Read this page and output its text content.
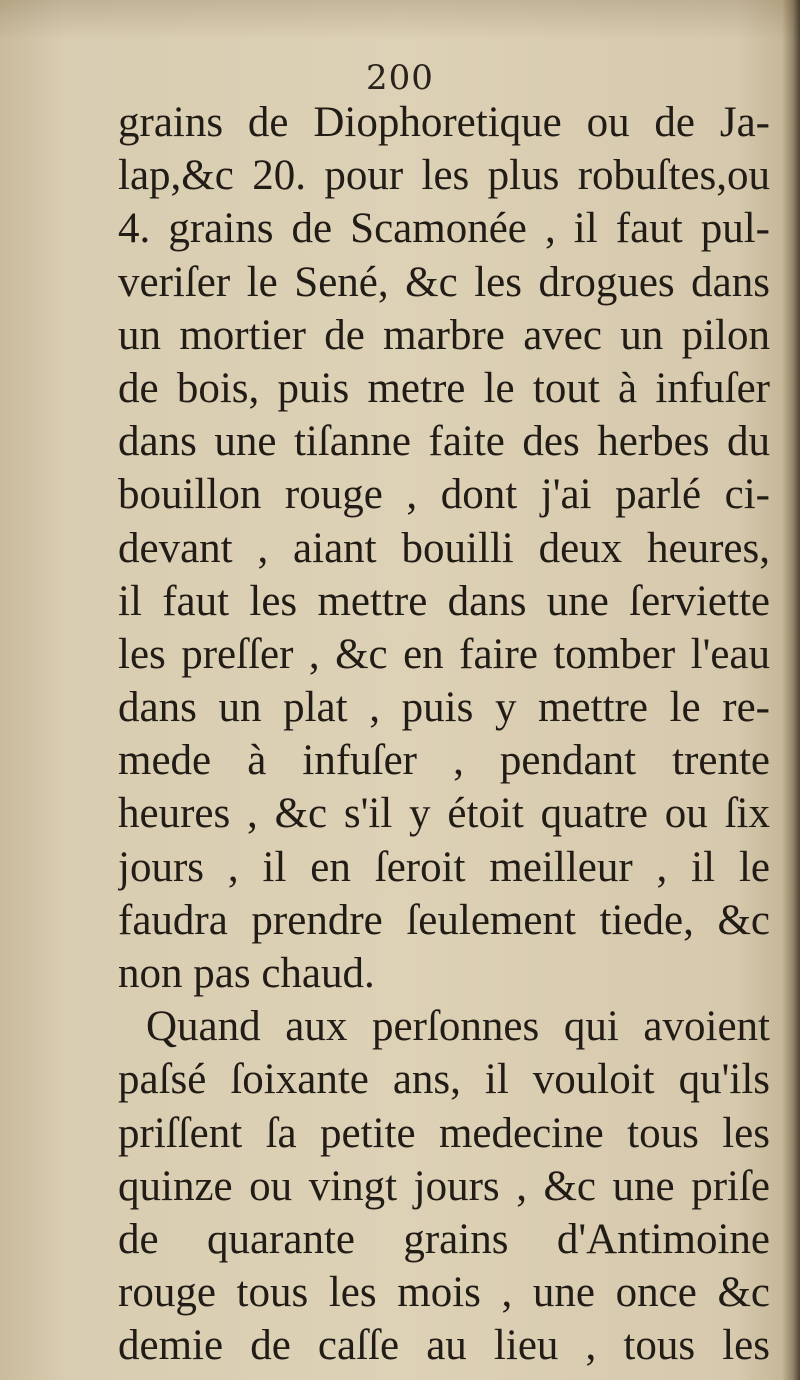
200
grains de Diophoretique ou de Ja-
lap,&c 20. pour les plus robuſtes,ou
4. grains de Scamonée , il faut pul-
veriſer le Sené, &c les drogues dans
un mortier de marbre avec un pilon
de bois, puis metre le tout à infuſer
dans une tiſanne faite des herbes du
bouillon rouge , dont j'ai parlé ci-
devant , aiant bouilli deux heures,
il faut les mettre dans une ſerviette
les preſſer , &c en faire tomber l'eau
dans un plat , puis y mettre le re-
mede à infuſer , pendant trente
heures , &c s'il y étoit quatre ou ſix
jours , il en ſeroit meilleur , il le
faudra prendre ſeulement tiede, &c
non pas chaud.
Quand aux perſonnes qui avoient
paſsé ſoixante ans, il vouloit qu'ils
priſſent ſa petite medecine tous les
quinze ou vingt jours , &c une priſe
de quarante grains d'Antimoine
rouge tous les mois , une once &c
demie de caſſe au lieu , tous les
